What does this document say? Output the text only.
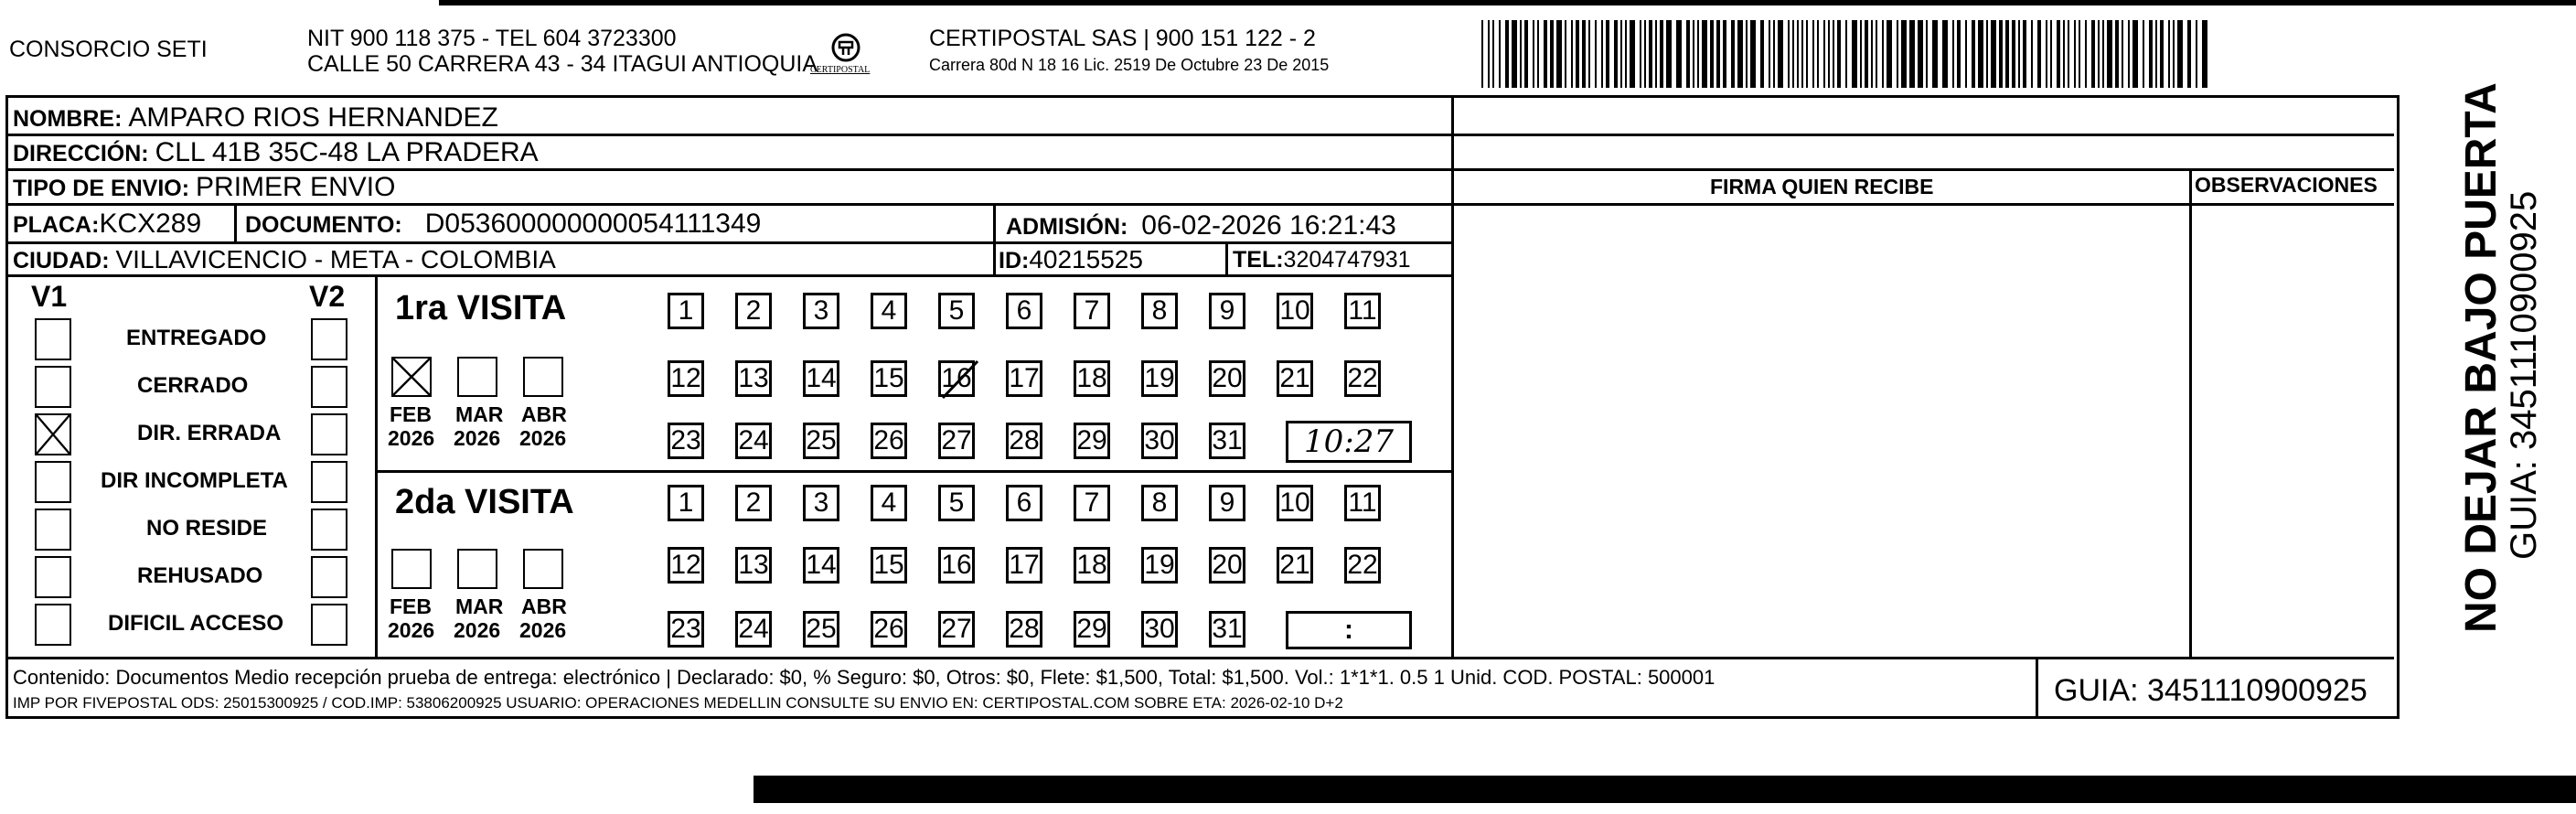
CONSORCIO SETI	NIT 900 118 375 - TEL 604 3723300
CALLE 50 CARRERA 43 - 34 ITAGUI ANTIOQUIA
CERTIPOSTAL
CERTIPOSTAL SAS | 900 151 122 - 2
Carrera 80d N 18 16 Lic. 2519 De Octubre 23 De 2015
NOMBRE: AMPARO RIOS HERNANDEZ
DIRECCIÓN: CLL 41B 35C-48 LA PRADERA
TIPO DE ENVIO: PRIMER ENVIO
PLACA:KCX289 DOCUMENTO: D053600000000054111349	ADMISIÓN: 06-02-2026 16:21:43
CIUDAD: VILLAVICENCIO - META - COLOMBIA	ID:40215525	TEL:3204747931
FIRMA QUIEN RECIBE	OBSERVACIONES
V1	V2 1ra VISITA
10:27
2da VISITA
:
Contenido: Documentos Medio recepción prueba de entrega: electrónico | Declarado: $0, % Seguro: $0, Otros: $0, Flete: $1,500, Total: $1,500. Vol.: 1*1*1. 0.5 1 Unid. COD. POSTAL: 500001
IMP POR FIVEPOSTAL ODS: 25015300925 / COD.IMP: 53806200925 USUARIO: OPERACIONES MEDELLIN CONSULTE SU ENVIO EN: CERTIPOSTAL.COM SOBRE ETA: 2026-02-10 D+2	GUIA: 3451110900925
NO DEJAR BAJO PUERTA
GUIA: 3451110900925
ENTREGADO
CERRADO
DIR. ERRADA
DIR INCOMPLETA
NO RESIDE
REHUSADO
DIFICIL ACCESO
FEB
2026
MAR
2026
ABR
2026
FEB
2026
MAR
2026
ABR
2026
1	2	3	4	5	6	7	8	9	10 11
12 13 14 15 16 17 18 19 20 21 22
23 24 25 26 27 28 29 30 31
1	2	3	4	5	6	7	8	9	10 11
12 13 14 15 16 17 18 19 20 21 22
23 24 25 26 27 28 29 30 31
